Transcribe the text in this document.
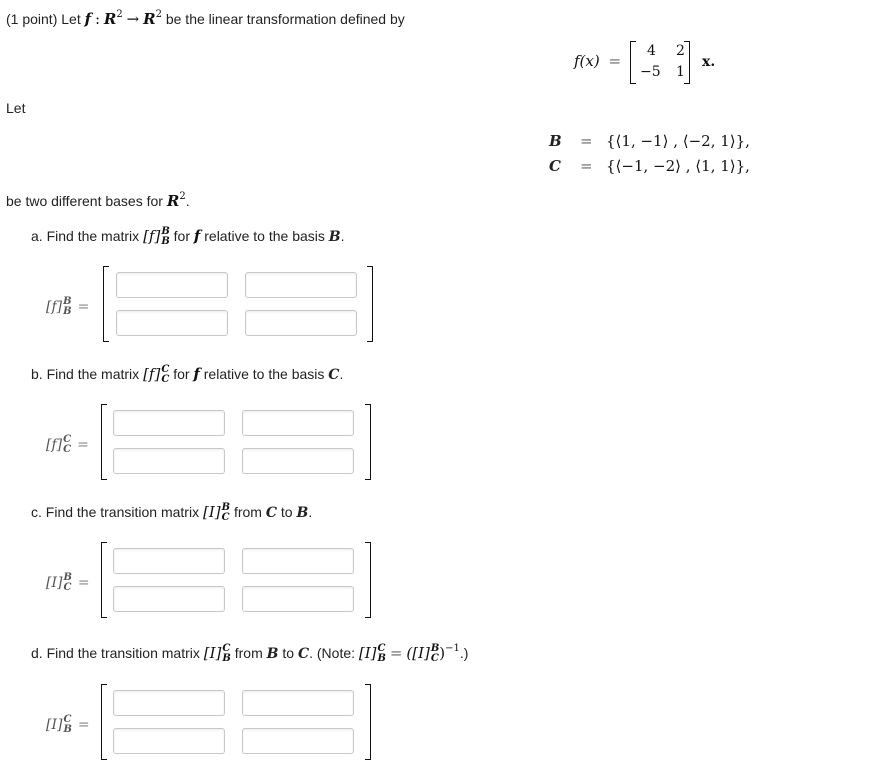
(1 point) Let f : $R^2 \to R^2$ be the linear transformation defined by
f(x) =
4 2
−5 1
x.
Let
B = {⟨1, −1⟩ , ⟨−2, 1⟩},
C = {⟨−1, −2⟩ , ⟨1, 1⟩},
be two different bases for $R^2$.
a. Find the matrix [f] B
B for f relative to the basis B.
[f] B
B =
b. Find the matrix [f] C
C for f relative to the basis C.
[f] C
C =
c. Find the transition matrix [I] B
C from C to B.
[I] B
C =
d. Find the transition matrix [I] C
B from B to C. (Note: [I] C
B = ([I] B
C )$^{-1}$.)
[I] C
B =
